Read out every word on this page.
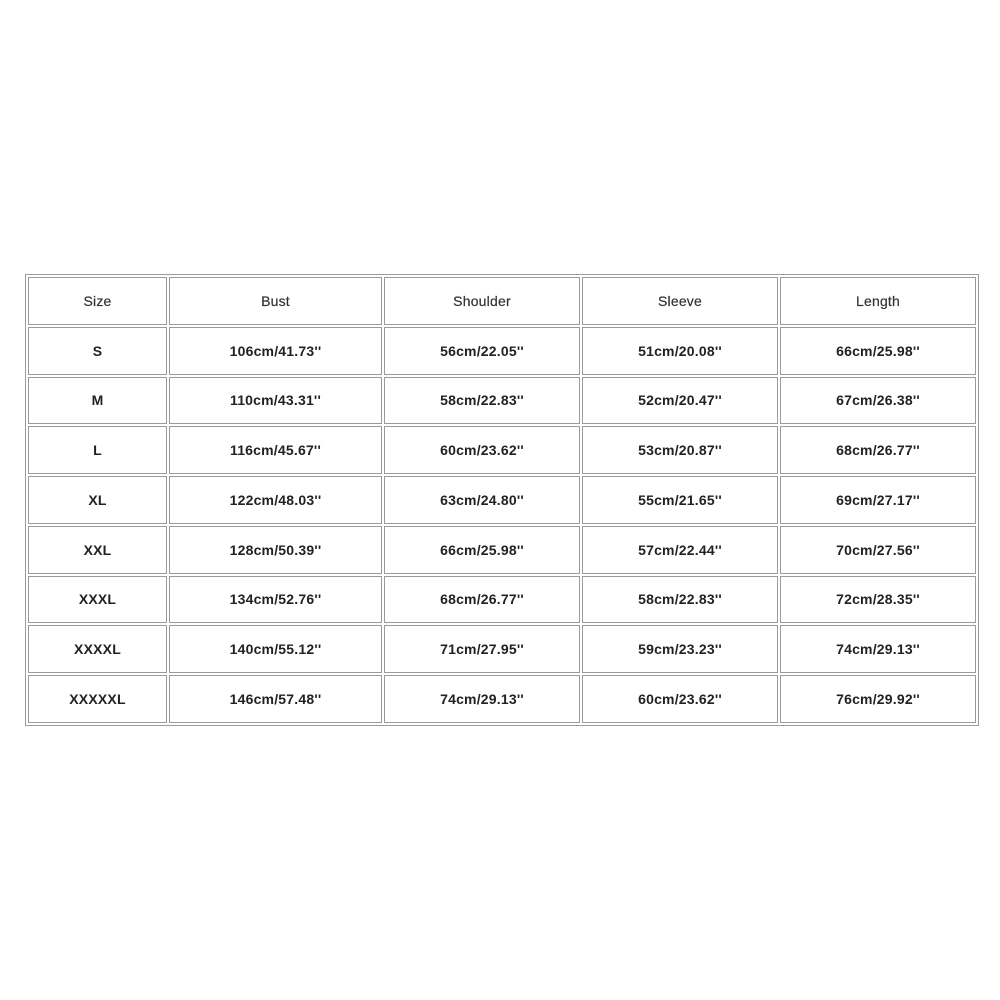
Size	Bust	Shoulder	Sleeve	Length
S	106cm/41.73''	56cm/22.05''	51cm/20.08''	66cm/25.98''
M	110cm/43.31''	58cm/22.83''	52cm/20.47''	67cm/26.38''
L	116cm/45.67''	60cm/23.62''	53cm/20.87''	68cm/26.77''
XL	122cm/48.03''	63cm/24.80''	55cm/21.65''	69cm/27.17''
XXL	128cm/50.39''	66cm/25.98''	57cm/22.44''	70cm/27.56''
XXXL	134cm/52.76''	68cm/26.77''	58cm/22.83''	72cm/28.35''
XXXXL	140cm/55.12''	71cm/27.95''	59cm/23.23''	74cm/29.13''
XXXXXL	146cm/57.48''	74cm/29.13''	60cm/23.62''	76cm/29.92''
